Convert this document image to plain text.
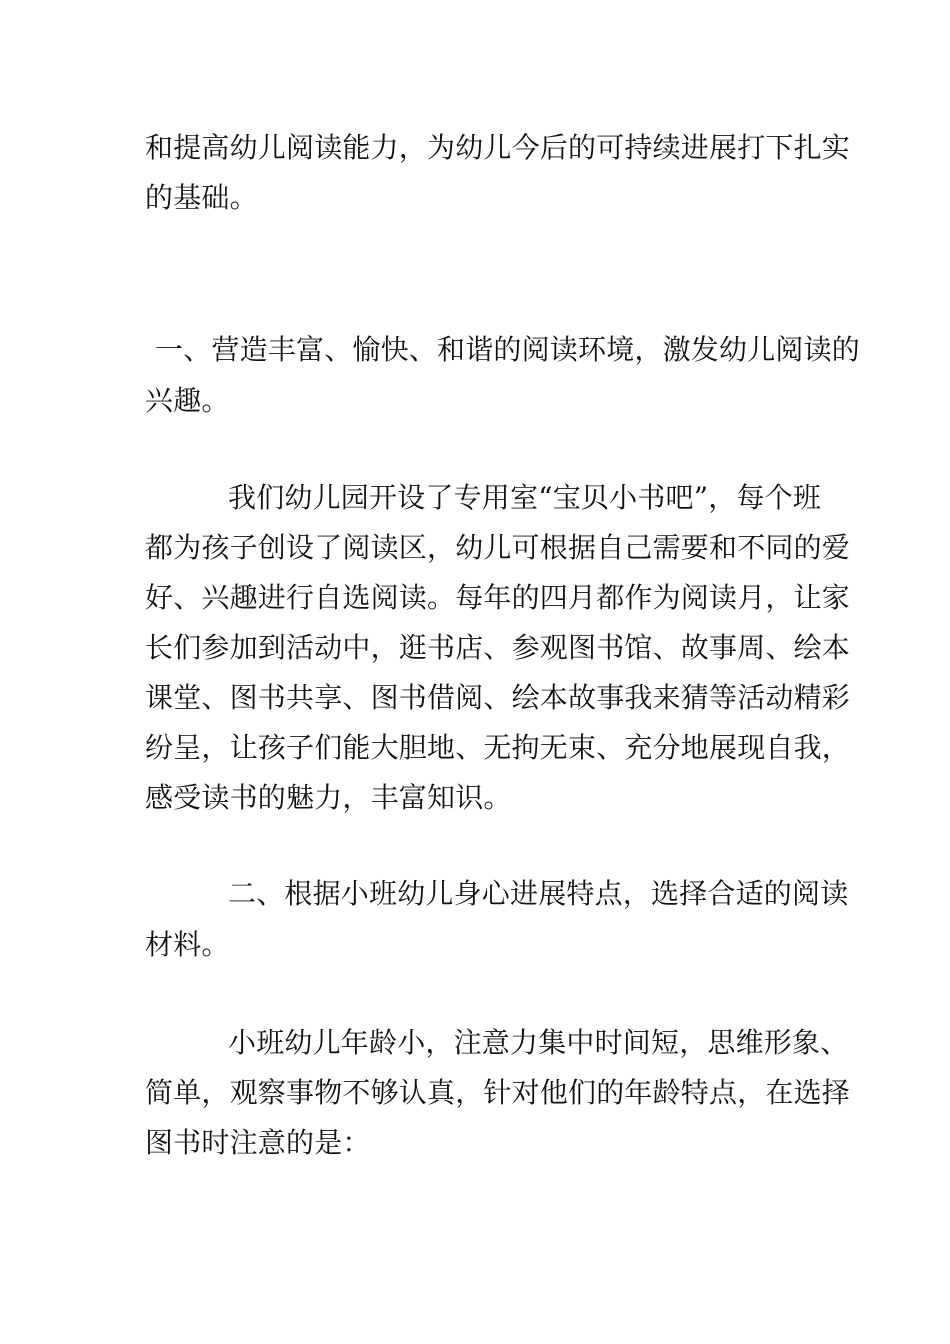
和提高幼儿阅读能力，为幼儿今后的可持续进展打下扎实
的基础。
一、营造丰富、愉快、和谐的阅读环境，激发幼儿阅读的
兴趣。
我们幼儿园开设了专用室“宝贝小书吧”，每个班
都为孩子创设了阅读区，幼儿可根据自己需要和不同的爱
好、兴趣进行自选阅读。每年的四月都作为阅读月，让家
长们参加到活动中，逛书店、参观图书馆、故事周、绘本
课堂、图书共享、图书借阅、绘本故事我来猜等活动精彩
纷呈，让孩子们能大胆地、无拘无束、充分地展现自我，
感受读书的魅力，丰富知识。
二、根据小班幼儿身心进展特点，选择合适的阅读
材料。
小班幼儿年龄小，注意力集中时间短，思维形象、
简单，观察事物不够认真，针对他们的年龄特点，在选择
图书时注意的是：
